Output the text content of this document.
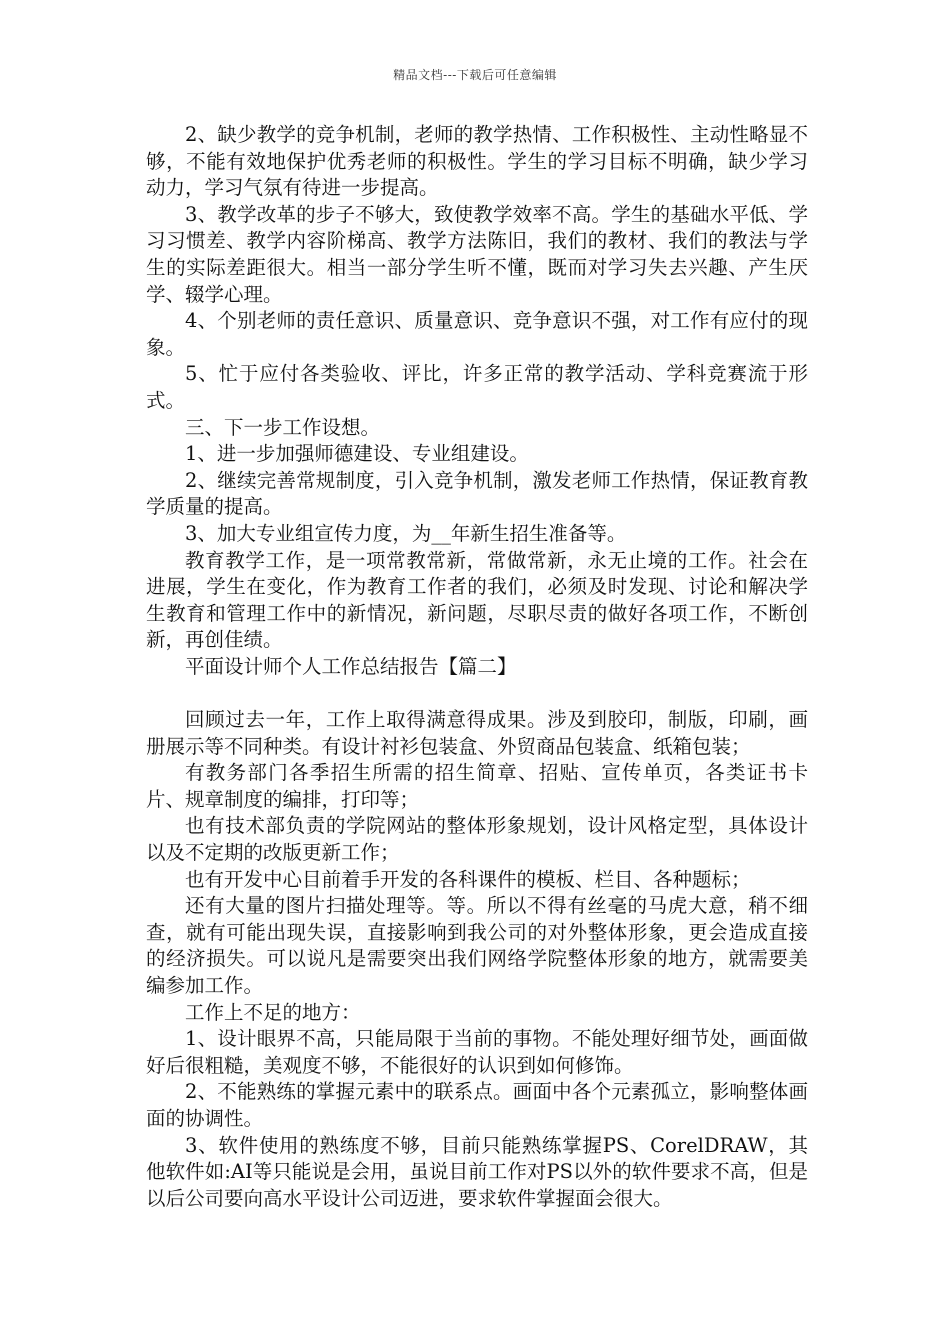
精品文档---下载后可任意编辑

2、缺少教学的竞争机制，老师的教学热情、工作积极性、主动性略显不够，不能有效地保护优秀老师的积极性。学生的学习目标不明确，缺少学习动力，学习气氛有待进一步提高。

3、教学改革的步子不够大，致使教学效率不高。学生的基础水平低、学习习惯差、教学内容阶梯高、教学方法陈旧，我们的教材、我们的教法与学生的实际差距很大。相当一部分学生听不懂，既而对学习失去兴趣、产生厌学、辍学心理。

4、个别老师的责任意识、质量意识、竞争意识不强，对工作有应付的现象。

5、忙于应付各类验收、评比，许多正常的教学活动、学科竞赛流于形式。

三、下一步工作设想。

1、进一步加强师德建设、专业组建设。

2、继续完善常规制度，引入竞争机制，激发老师工作热情，保证教育教学质量的提高。

3、加大专业组宣传力度，为__年新生招生准备等。

教育教学工作，是一项常教常新，常做常新，永无止境的工作。社会在进展，学生在变化，作为教育工作者的我们，必须及时发现、讨论和解决学生教育和管理工作中的新情况，新问题，尽职尽责的做好各项工作，不断创新，再创佳绩。

平面设计师个人工作总结报告【篇二】

回顾过去一年，工作上取得满意得成果。涉及到胶印，制版，印刷，画册展示等不同种类。有设计衬衫包装盒、外贸商品包装盒、纸箱包装；

有教务部门各季招生所需的招生简章、招贴、宣传单页，各类证书卡片、规章制度的编排，打印等；

也有技术部负责的学院网站的整体形象规划，设计风格定型，具体设计以及不定期的改版更新工作；

也有开发中心目前着手开发的各科课件的模板、栏目、各种题标；

还有大量的图片扫描处理等。等。所以不得有丝毫的马虎大意，稍不细查，就有可能出现失误，直接影响到我公司的对外整体形象，更会造成直接的经济损失。可以说凡是需要突出我们网络学院整体形象的地方，就需要美编参加工作。

工作上不足的地方：

1、设计眼界不高，只能局限于当前的事物。不能处理好细节处，画面做好后很粗糙，美观度不够，不能很好的认识到如何修饰。

2、不能熟练的掌握元素中的联系点。画面中各个元素孤立，影响整体画面的协调性。

3、软件使用的熟练度不够，目前只能熟练掌握PS、CorelDRAW，其他软件如:AI等只能说是会用，虽说目前工作对PS以外的软件要求不高，但是以后公司要向高水平设计公司迈进，要求软件掌握面会很大。
